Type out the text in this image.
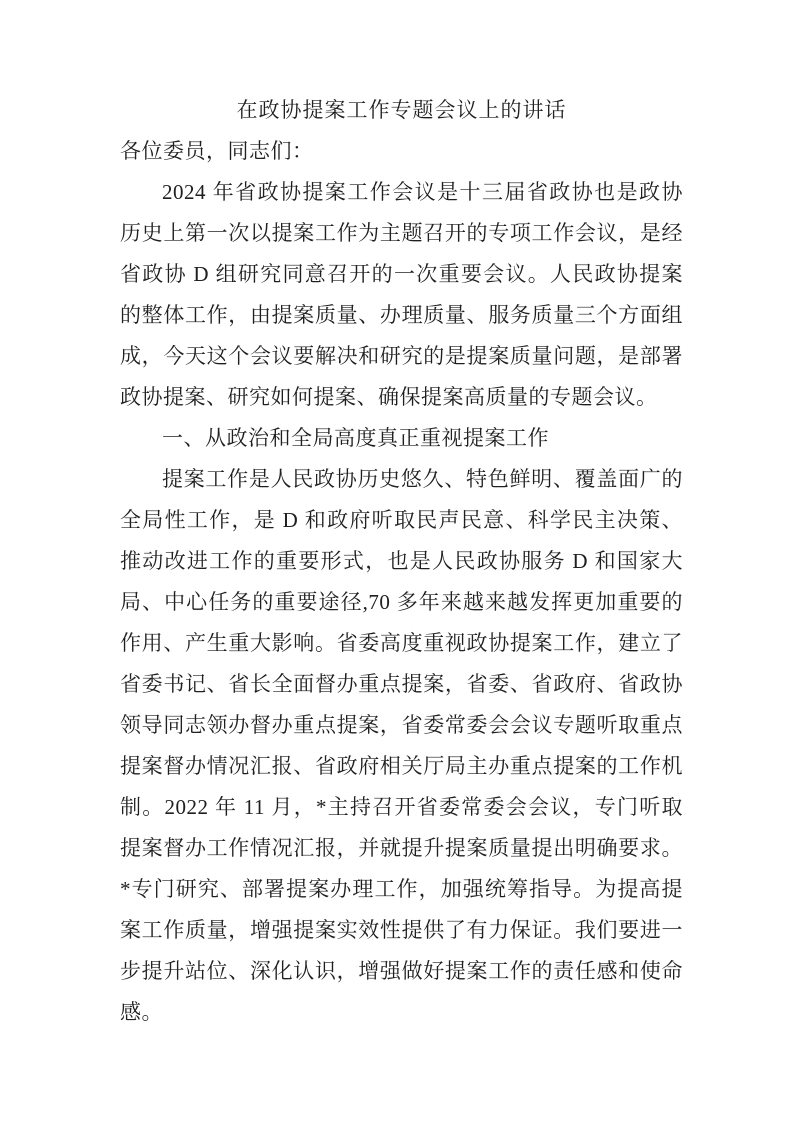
在政协提案工作专题会议上的讲话

各位委员，同志们：

2024 年省政协提案工作会议是十三届省政协也是政协历史上第一次以提案工作为主题召开的专项工作会议，是经省政协 D 组研究同意召开的一次重要会议。人民政协提案的整体工作，由提案质量、办理质量、服务质量三个方面组成，今天这个会议要解决和研究的是提案质量问题，是部署政协提案、研究如何提案、确保提案高质量的专题会议。

一、从政治和全局高度真正重视提案工作

提案工作是人民政协历史悠久、特色鲜明、覆盖面广的全局性工作，是 D 和政府听取民声民意、科学民主决策、推动改进工作的重要形式，也是人民政协服务 D 和国家大局、中心任务的重要途径,70 多年来越来越发挥更加重要的作用、产生重大影响。省委高度重视政协提案工作，建立了省委书记、省长全面督办重点提案，省委、省政府、省政协领导同志领办督办重点提案，省委常委会会议专题听取重点提案督办情况汇报、省政府相关厅局主办重点提案的工作机制。2022 年 11 月，*主持召开省委常委会会议，专门听取提案督办工作情况汇报，并就提升提案质量提出明确要求。*专门研究、部署提案办理工作，加强统筹指导。为提高提案工作质量，增强提案实效性提供了有力保证。我们要进一步提升站位、深化认识，增强做好提案工作的责任感和使命感。
